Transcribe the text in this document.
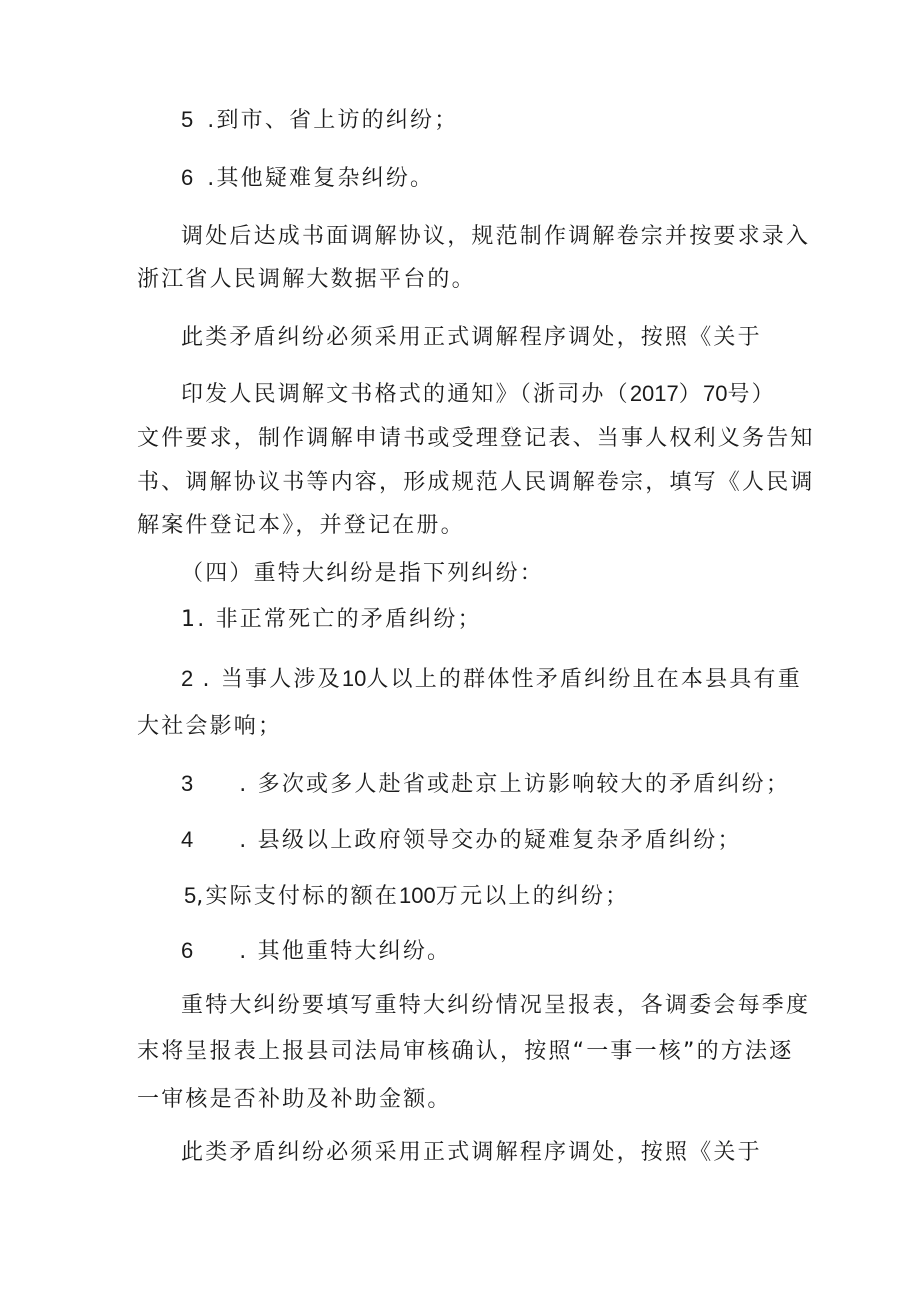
5 .到市、省上访的纠纷；
6 .其他疑难复杂纠纷。
调处后达成书面调解协议，规范制作调解卷宗并按要求录入
浙江省人民调解大数据平台的。
此类矛盾纠纷必须采用正式调解程序调处，按照《关于
印发人民调解文书格式的通知》（浙司办（2017）70号）
文件要求，制作调解申请书或受理登记表、当事人权利义务告知
书、调解协议书等内容，形成规范人民调解卷宗，填写《人民调
解案件登记本》，并登记在册。
（四）重特大纠纷是指下列纠纷：
1. 非正常死亡的矛盾纠纷；
2 . 当事人涉及10人以上的群体性矛盾纠纷且在本县具有重
大社会影响；
3 . 多次或多人赴省或赴京上访影响较大的矛盾纠纷；
4 . 县级以上政府领导交办的疑难复杂矛盾纠纷；
5,实际支付标的额在100万元以上的纠纷；
6 . 其他重特大纠纷。
重特大纠纷要填写重特大纠纷情况呈报表，各调委会每季度
末将呈报表上报县司法局审核确认，按照“一事一核”的方法逐
一审核是否补助及补助金额。
此类矛盾纠纷必须采用正式调解程序调处，按照《关于
